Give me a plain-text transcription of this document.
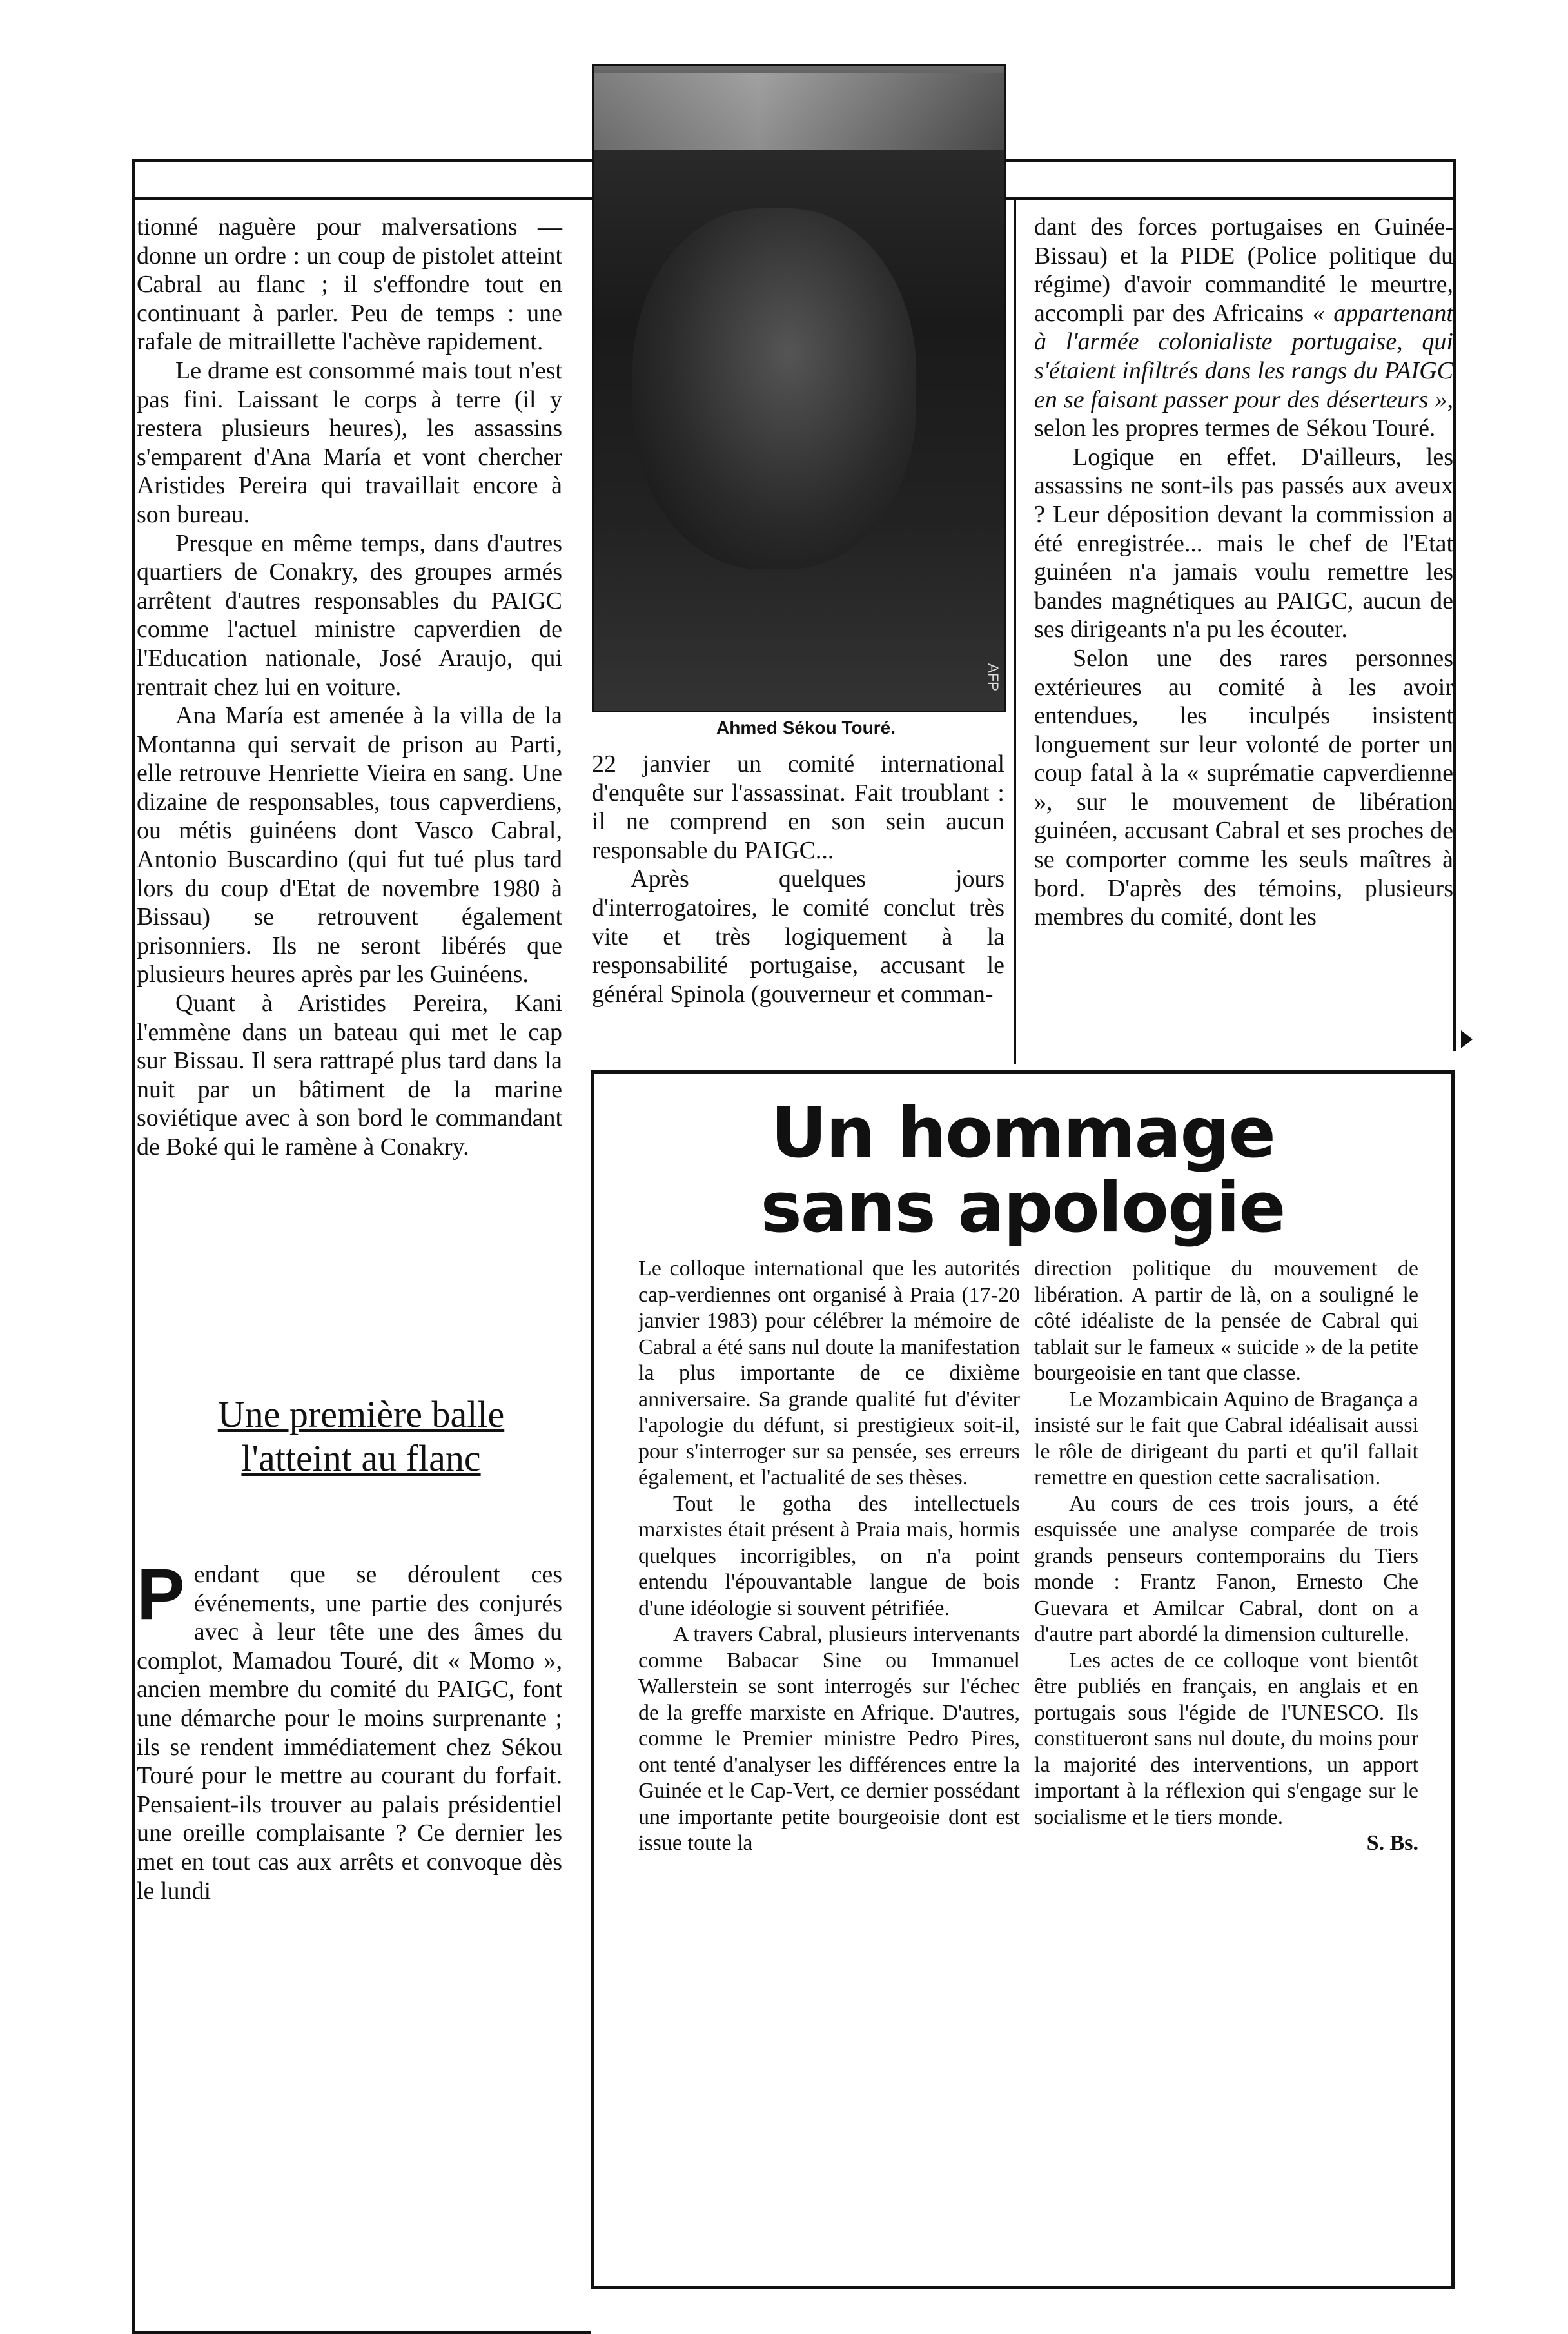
AFP
Ahmed Sékou Touré.

tionné naguère pour malversations — donne un ordre : un coup de pistolet atteint Cabral au flanc ; il s'effondre tout en continuant à parler. Peu de temps : une rafale de mitraillette l'achève rapidement.

Le drame est consommé mais tout n'est pas fini. Laissant le corps à terre (il y restera plusieurs heures), les assassins s'emparent d'Ana María et vont chercher Aristides Pereira qui travaillait encore à son bureau.

Presque en même temps, dans d'autres quartiers de Conakry, des groupes armés arrêtent d'autres responsables du PAIGC comme l'actuel ministre capverdien de l'Education nationale, José Araujo, qui rentrait chez lui en voiture.

Ana María est amenée à la villa de la Montanna qui servait de prison au Parti, elle retrouve Henriette Vieira en sang. Une dizaine de responsables, tous capverdiens, ou métis guinéens dont Vasco Cabral, Antonio Buscardino (qui fut tué plus tard lors du coup d'Etat de novembre 1980 à Bissau) se retrouvent également prisonniers. Ils ne seront libérés que plusieurs heures après par les Guinéens.

Quant à Aristides Pereira, Kani l'emmène dans un bateau qui met le cap sur Bissau. Il sera rattrapé plus tard dans la nuit par un bâtiment de la marine soviétique avec à son bord le commandant de Boké qui le ramène à Conakry.

Une première balle l'atteint au flanc

P endant que se déroulent ces événements, une partie des conjurés avec à leur tête une des âmes du complot, Mamadou Touré, dit « Momo », ancien membre du comité du PAIGC, font une démarche pour le moins surprenante ; ils se rendent immédiatement chez Sékou Touré pour le mettre au courant du forfait. Pensaient-ils trouver au palais présidentiel une oreille complaisante ? Ce dernier les met en tout cas aux arrêts et convoque dès le lundi

22 janvier un comité international d'enquête sur l'assassinat. Fait troublant : il ne comprend en son sein aucun responsable du PAIGC...

Après quelques jours d'interrogatoires, le comité conclut très vite et très logiquement à la responsabilité portugaise, accusant le général Spinola (gouverneur et comman-

dant des forces portugaises en Guinée-Bissau) et la PIDE (Police politique du régime) d'avoir commandité le meurtre, accompli par des Africains « appartenant à l'armée colonialiste portugaise, qui s'étaient infiltrés dans les rangs du PAIGC en se faisant passer pour des déserteurs », selon les propres termes de Sékou Touré.

Logique en effet. D'ailleurs, les assassins ne sont-ils pas passés aux aveux ? Leur déposition devant la commission a été enregistrée... mais le chef de l'Etat guinéen n'a jamais voulu remettre les bandes magnétiques au PAIGC, aucun de ses dirigeants n'a pu les écouter.

Selon une des rares personnes extérieures au comité à les avoir entendues, les inculpés insistent longuement sur leur volonté de porter un coup fatal à la « suprématie capverdienne », sur le mouvement de libération guinéen, accusant Cabral et ses proches de se comporter comme les seuls maîtres à bord. D'après des témoins, plusieurs membres du comité, dont les

Un hommage
sans apologie

Le colloque international que les autorités cap-verdiennes ont organisé à Praia (17-20 janvier 1983) pour célébrer la mémoire de Cabral a été sans nul doute la manifestation la plus importante de ce dixième anniversaire. Sa grande qualité fut d'éviter l'apologie du défunt, si prestigieux soit-il, pour s'interroger sur sa pensée, ses erreurs également, et l'actualité de ses thèses.

Tout le gotha des intellectuels marxistes était présent à Praia mais, hormis quelques incorrigibles, on n'a point entendu l'épouvantable langue de bois d'une idéologie si souvent pétrifiée.

A travers Cabral, plusieurs intervenants comme Babacar Sine ou Immanuel Wallerstein se sont interrogés sur l'échec de la greffe marxiste en Afrique. D'autres, comme le Premier ministre Pedro Pires, ont tenté d'analyser les différences entre la Guinée et le Cap-Vert, ce dernier possédant une importante petite bourgeoisie dont est issue toute la

direction politique du mouvement de libération. A partir de là, on a souligné le côté idéaliste de la pensée de Cabral qui tablait sur le fameux « suicide » de la petite bourgeoisie en tant que classe.

Le Mozambicain Aquino de Bragança a insisté sur le fait que Cabral idéalisait aussi le rôle de dirigeant du parti et qu'il fallait remettre en question cette sacralisation.

Au cours de ces trois jours, a été esquissée une analyse comparée de trois grands penseurs contemporains du Tiers monde : Frantz Fanon, Ernesto Che Guevara et Amilcar Cabral, dont on a d'autre part abordé la dimension culturelle.

Les actes de ce colloque vont bientôt être publiés en français, en anglais et en portugais sous l'égide de l'UNESCO. Ils constitueront sans nul doute, du moins pour la majorité des interventions, un apport important à la réflexion qui s'engage sur le socialisme et le tiers monde.

S. Bs.
